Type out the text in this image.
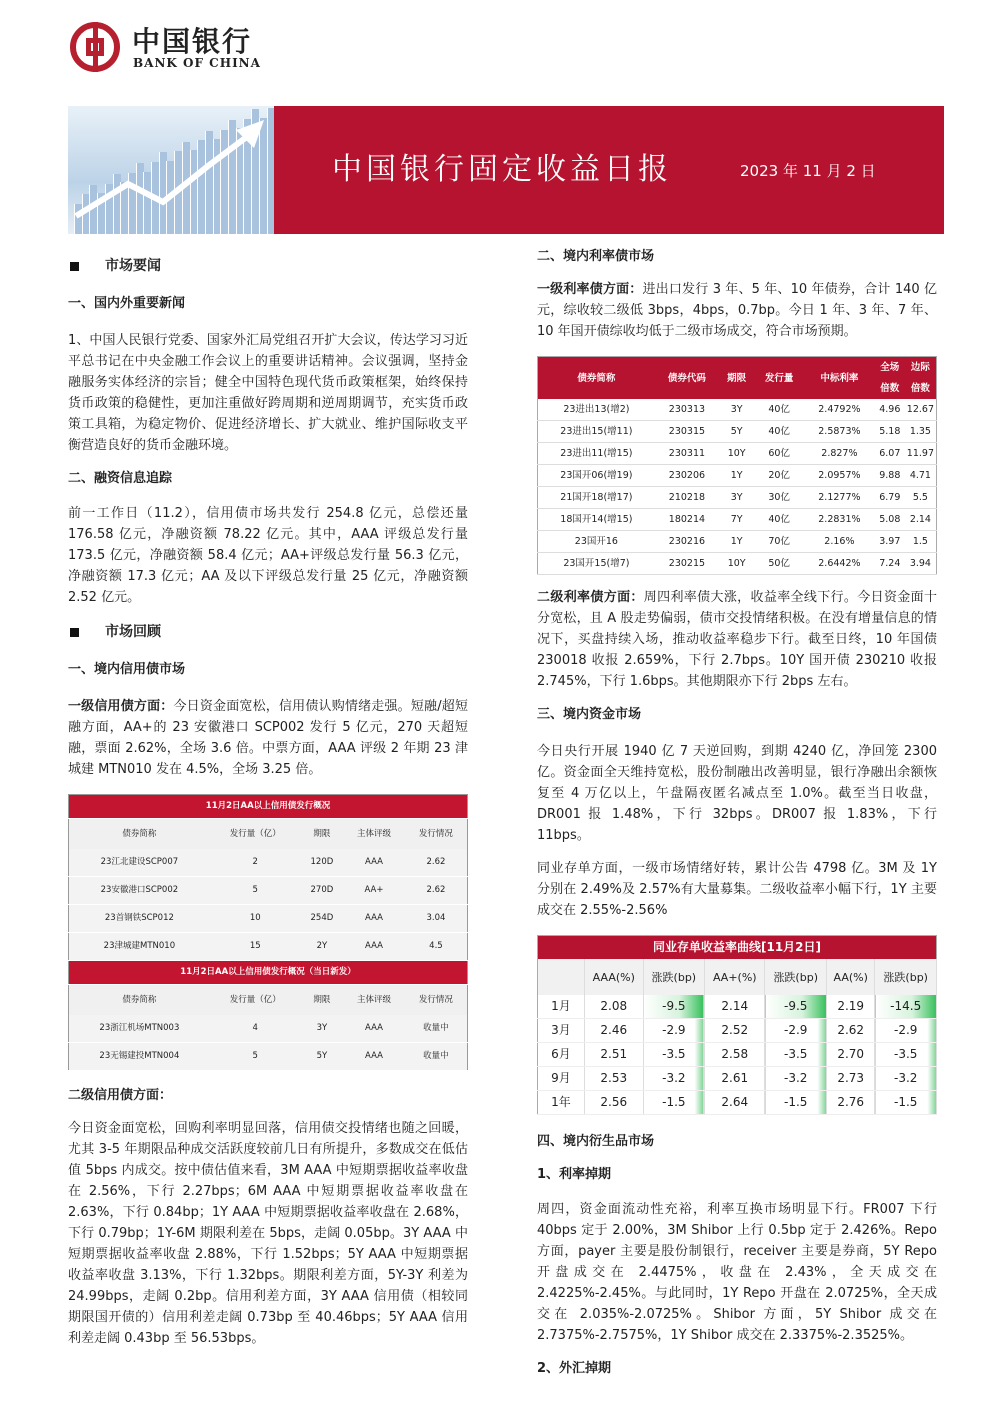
中国银行
BANK OF CHINA
中国银行固定收益日报	2023 年 11 月 2 日
市场要闻
一、国内外重要新闻

1、中国人民银行党委、国家外汇局党组召开扩大会议，传达学习习近平总书记在中央金融工作会议上的重要讲话精神。会议强调，坚持金融服务实体经济的宗旨；健全中国特色现代货币政策框架，始终保持货币政策的稳健性，更加注重做好跨周期和逆周期调节，充实货币政策工具箱，为稳定物价、促进经济增长、扩大就业、维护国际收支平衡营造良好的货币金融环境。

二、融资信息追踪

前一工作日（11.2），信用债市场共发行 254.8 亿元，总偿还量 176.58 亿元，净融资额 78.22 亿元。其中，AAA 评级总发行量 173.5 亿元，净融资额 58.4 亿元；AA+评级总发行量 56.3 亿元，净融资额 17.3 亿元；AA 及以下评级总发行量 25 亿元，净融资额 2.52 亿元。

市场回顾
一、境内信用债市场

一级信用债方面：今日资金面宽松，信用债认购情绪走强。短融/超短融方面，AA+的 23 安徽港口 SCP002 发行 5 亿元，270 天超短融，票面 2.62%，全场 3.6 倍。中票方面，AAA 评级 2 年期 23 津城建 MTN010 发在 4.5%，全场 3.25 倍。

11月2日AA以上信用债发行概况				
债券简称	发行量（亿）	期限	主体评级	发行情况
23江北建设SCP007	2	120D	AAA	2.62
23安徽港口SCP002	5	270D	AA+	2.62
23首钢铁SCP012	10	254D	AAA	3.04
23津城建MTN010	15	2Y	AAA	4.5
11月2日AA以上信用债发行概况（当日新发）				
债券简称	发行量（亿）	期限	主体评级	发行情况
23浙江机场MTN003	4	3Y	AAA	收量中
23无锡建投MTN004	5	5Y	AAA	收量中
二级信用债方面：

今日资金面宽松，回购利率明显回落，信用债交投情绪也随之回暖，尤其 3-5 年期限品种成交活跃度较前几日有所提升，多数成交在低估值 5bps 内成交。按中债估值来看，3M AAA 中短期票据收益率收盘在 2.56%，下行 2.27bps；6M AAA 中短期票据收益率收盘在 2.63%，下行 0.84bp；1Y AAA 中短期票据收益率收盘在 2.68%，下行 0.79bp；1Y-6M 期限利差在 5bps，走阔 0.05bp。3Y AAA 中短期票据收益率收盘 2.88%，下行 1.52bps；5Y AAA 中短期票据收益率收盘 3.13%，下行 1.32bps。期限利差方面，5Y-3Y 利差为 24.99bps，走阔 0.2bp。信用利差方面，3Y AAA 信用债（相较同期限国开债的）信用利差走阔 0.73bp 至 40.46bps；5Y AAA 信用利差走阔 0.43bp 至 56.53bps。

二、境内利率债市场

一级利率债方面：进出口发行 3 年、5 年、10 年债券，合计 140 亿元，综收较二级低 3bps，4bps，0.7bp。今日 1 年、3 年、7 年、10 年国开债综收均低于二级市场成交，符合市场预期。

债券简称	债券代码	期限	发行量	中标利率	全场倍数	边际倍数
23进出13(增2)	230313	3Y	40亿	2.4792%	4.96	12.67
23进出15(增11)	230315	5Y	40亿	2.5873%	5.18	1.35
23进出11(增15)	230311	10Y	60亿	2.827%	6.07	11.97
23国开06(增19)	230206	1Y	20亿	2.0957%	9.88	4.71
21国开18(增17)	210218	3Y	30亿	2.1277%	6.79	5.5
18国开14(增15)	180214	7Y	40亿	2.2831%	5.08	2.14
23国开16	230216	1Y	70亿	2.16%	3.97	1.5
23国开15(增7)	230215	10Y	50亿	2.6442%	7.24	3.94

二级利率债方面：周四利率债大涨，收益率全线下行。今日资金面十分宽松，且 A 股走势偏弱，债市交投情绪积极。在没有增量信息的情况下，买盘持续入场，推动收益率稳步下行。截至日终，10 年国债 230018 收报 2.659%，下行 2.7bps。10Y 国开债 230210 收报 2.745%，下行 1.6bps。其他期限亦下行 2bps 左右。

三、境内资金市场

今日央行开展 1940 亿 7 天逆回购，到期 4240 亿，净回笼 2300 亿。资金面全天维持宽松，股份制融出改善明显，银行净融出余额恢复至 4 万亿以上，午盘隔夜匿名减点至 1.0%。截至当日收盘，DR001 报 1.48%，下行 32bps。DR007 报 1.83%，下行 11bps。

同业存单方面，一级市场情绪好转，累计公告 4798 亿。3M 及 1Y 分别在 2.49%及 2.57%有大量募集。二级收益率小幅下行，1Y 主要成交在 2.55%-2.56%

同业存单收益率曲线[11月2日]						
	AAA(%)	涨跌(bp)	AA+(%)	涨跌(bp)	AA(%)	涨跌(bp)
1月	2.08	-9.5	2.14	-9.5	2.19	-14.5
3月	2.46	-2.9	2.52	-2.9	2.62	-2.9
6月	2.51	-3.5	2.58	-3.5	2.70	-3.5
9月	2.53	-3.2	2.61	-3.2	2.73	-3.2
1年	2.56	-1.5	2.64	-1.5	2.76	-1.5
四、境内衍生品市场
1、利率掉期

周四，资金面流动性充裕，利率互换市场明显下行。FR007 下行 40bps 定于 2.00%，3M Shibor 上行 0.5bp 定于 2.426%。Repo 方面，payer 主要是股份制银行，receiver 主要是券商，5Y Repo 开盘成交在 2.4475%，收盘在 2.43%，全天成交在 2.4225%-2.45%。与此同时，1Y Repo 开盘在 2.0725%，全天成交在 2.035%-2.0725%。Shibor 方面，5Y Shibor 成交在 2.7375%-2.7575%，1Y Shibor 成交在 2.3375%-2.3525%。

2、外汇掉期
